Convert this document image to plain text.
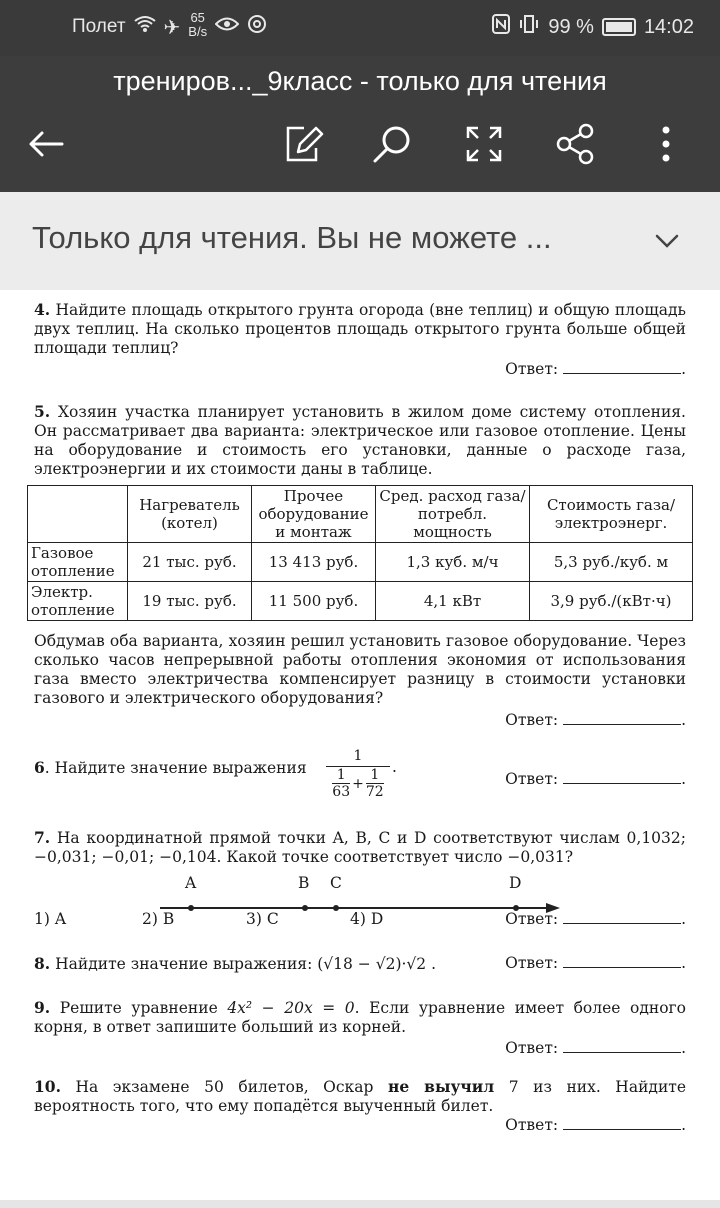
Полет ✈ 65
B/s	99 %	14:02
трениров..._9класс - только для чтения
Только для чтения. Вы не можете ...
4. Найдите площадь открытого грунта огорода (вне теплиц) и общую площадь двух теплиц. На сколько процентов площадь открытого грунта больше общей площади теплиц?
Ответ:	.
5. Хозяин участка планирует установить в жилом доме систему отопления. Он рассматривает два варианта: электрическое или газовое отопление. Цены на оборудование и стоимость его установки, данные о расходе газа, электроэнергии и их стоимости даны в таблице.
	Нагреватель (котел)	Прочее оборудование и монтаж	Сред. расход газа/ потребл. мощность	Стоимость газа/электроэнерг.
Газовое отопление	21 тыс. руб.	13 413 руб.	1,3 куб. м/ч	5,3 руб./куб. м
Электр. отопление	19 тыс. руб.	11 500 руб.	4,1 кВт	3,9 руб./(кВт·ч)
Обдумав оба варианта, хозяин решил установить газовое оборудование. Через сколько часов непрерывной работы отопления экономия от использования газа вместо электричества компенсирует разницу в стоимости установки газового и электрического оборудования?
Ответ:	.
6. Найдите значение выражения
1
1
63 +
1
72
.
Ответ:	.
7. На координатной прямой точки A, B, C и D соответствуют числам 0,1032; −0,031; −0,01; −0,104. Какой точке соответствует число −0,031?
A	B C	D
1) A	2) B	3) C	4) D	Ответ:	.
8. Найдите значение выражения: (√18 − √2)·√2 .	Ответ:	.
9. Решите уравнение 4x² − 20x = 0. Если уравнение имеет более одного корня, в ответ запишите больший из корней.
Ответ:	.
10. На экзамене 50 билетов, Оскар не выучил 7 из них. Найдите вероятность того, что ему попадётся выученный билет.
Ответ:	.
